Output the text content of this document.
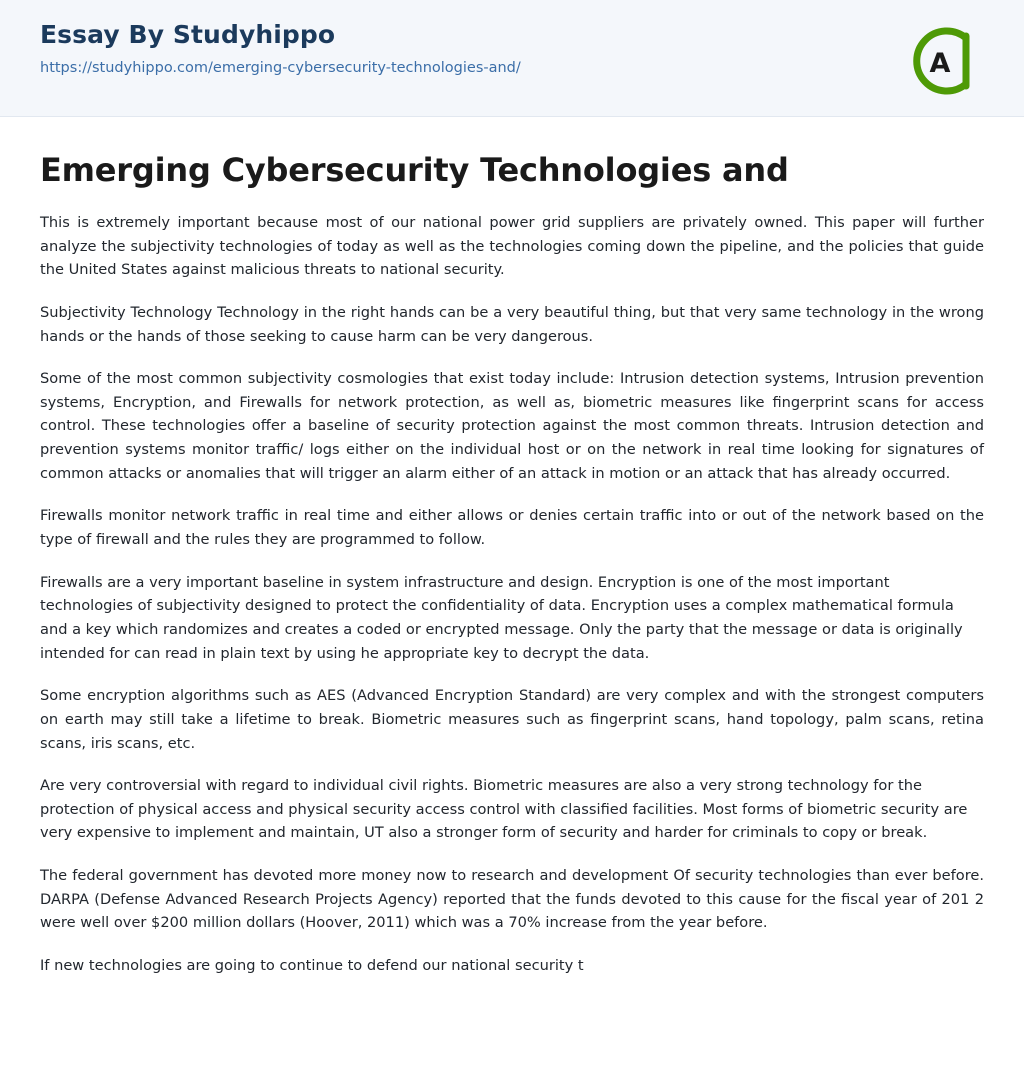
Essay By Studyhippo
https://studyhippo.com/emerging-cybersecurity-technologies-and/	A
Emerging Cybersecurity Technologies and

This is extremely important because most of our national power grid suppliers are privately owned. This paper will further analyze the subjectivity technologies of today as well as the technologies coming down the pipeline, and the policies that guide the United States against malicious threats to national security.

Subjectivity Technology Technology in the right hands can be a very beautiful thing, but that very same technology in the wrong hands or the hands of those seeking to cause harm can be very dangerous.

Some of the most common subjectivity cosmologies that exist today include: Intrusion detection systems, Intrusion prevention systems, Encryption, and Firewalls for network protection, as well as, biometric measures like fingerprint scans for access control. These technologies offer a baseline of security protection against the most common threats. Intrusion detection and prevention systems monitor traffic/ logs either on the individual host or on the network in real time looking for signatures of common attacks or anomalies that will trigger an alarm either of an attack in motion or an attack that has already occurred.

Firewalls monitor network traffic in real time and either allows or denies certain traffic into or out of the network based on the type of firewall and the rules they are programmed to follow.

Firewalls are a very important baseline in system infrastructure and design. Encryption is one of the most important technologies of subjectivity designed to protect the confidentiality of data. Encryption uses a complex mathematical formula and a key which randomizes and creates a coded or encrypted message. Only the party that the message or data is originally intended for can read in plain text by using he appropriate key to decrypt the data.

Some encryption algorithms such as AES (Advanced Encryption Standard) are very complex and with the strongest computers on earth may still take a lifetime to break. Biometric measures such as fingerprint scans, hand topology, palm scans, retina scans, iris scans, etc.

Are very controversial with regard to individual civil rights. Biometric measures are also a very strong technology for the protection of physical access and physical security access control with classified facilities. Most forms of biometric security are very expensive to implement and maintain, UT also a stronger form of security and harder for criminals to copy or break.

The federal government has devoted more money now to research and development Of security technologies than ever before. DARPA (Defense Advanced Research Projects Agency) reported that the funds devoted to this cause for the fiscal year of 201 2 were well over $200 million dollars (Hoover, 2011) which was a 70% increase from the year before.

If new technologies are going to continue to defend our national security t
